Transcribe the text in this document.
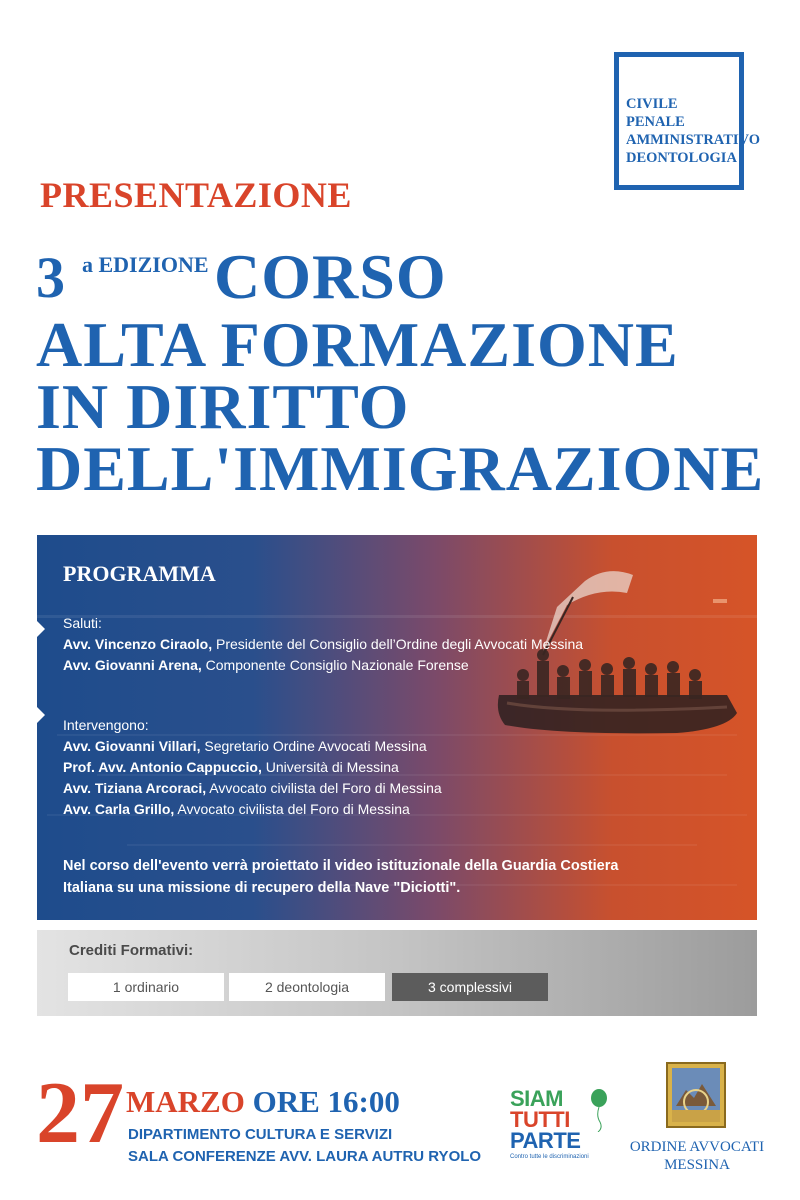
CIVILE
PENALE
AMMINISTRATIVO
DEONTOLOGIA
PRESENTAZIONE
3 a EDIZIONE CORSO
ALTA FORMAZIONE
IN DIRITTO
DELL'IMMIGRAZIONE
PROGRAMMA
Saluti:
Avv. Vincenzo Ciraolo, Presidente del Consiglio dell’Ordine degli Avvocati Messina
Avv. Giovanni Arena, Componente Consiglio Nazionale Forense
Intervengono:
Avv. Giovanni Villari, Segretario Ordine Avvocati Messina
Prof. Avv. Antonio Cappuccio, Università di Messina
Avv. Tiziana Arcoraci, Avvocato civilista del Foro di Messina
Avv. Carla Grillo, Avvocato civilista del Foro di Messina
Nel corso dell'evento verrà proiettato il video istituzionale della Guardia Costiera
Italiana su una missione di recupero della Nave "Diciotti".
Crediti Formativi:
1 ordinario	2 deontologia	3 complessivi
27 MARZO ORE 16:00
DIPARTIMENTO CULTURA E SERVIZI
SALA CONFERENZE AVV. LAURA AUTRU RYOLO
SIAM
TUTTI
PARTE
Contro tutte le discriminazioni
ORDINE AVVOCATI
MESSINA
